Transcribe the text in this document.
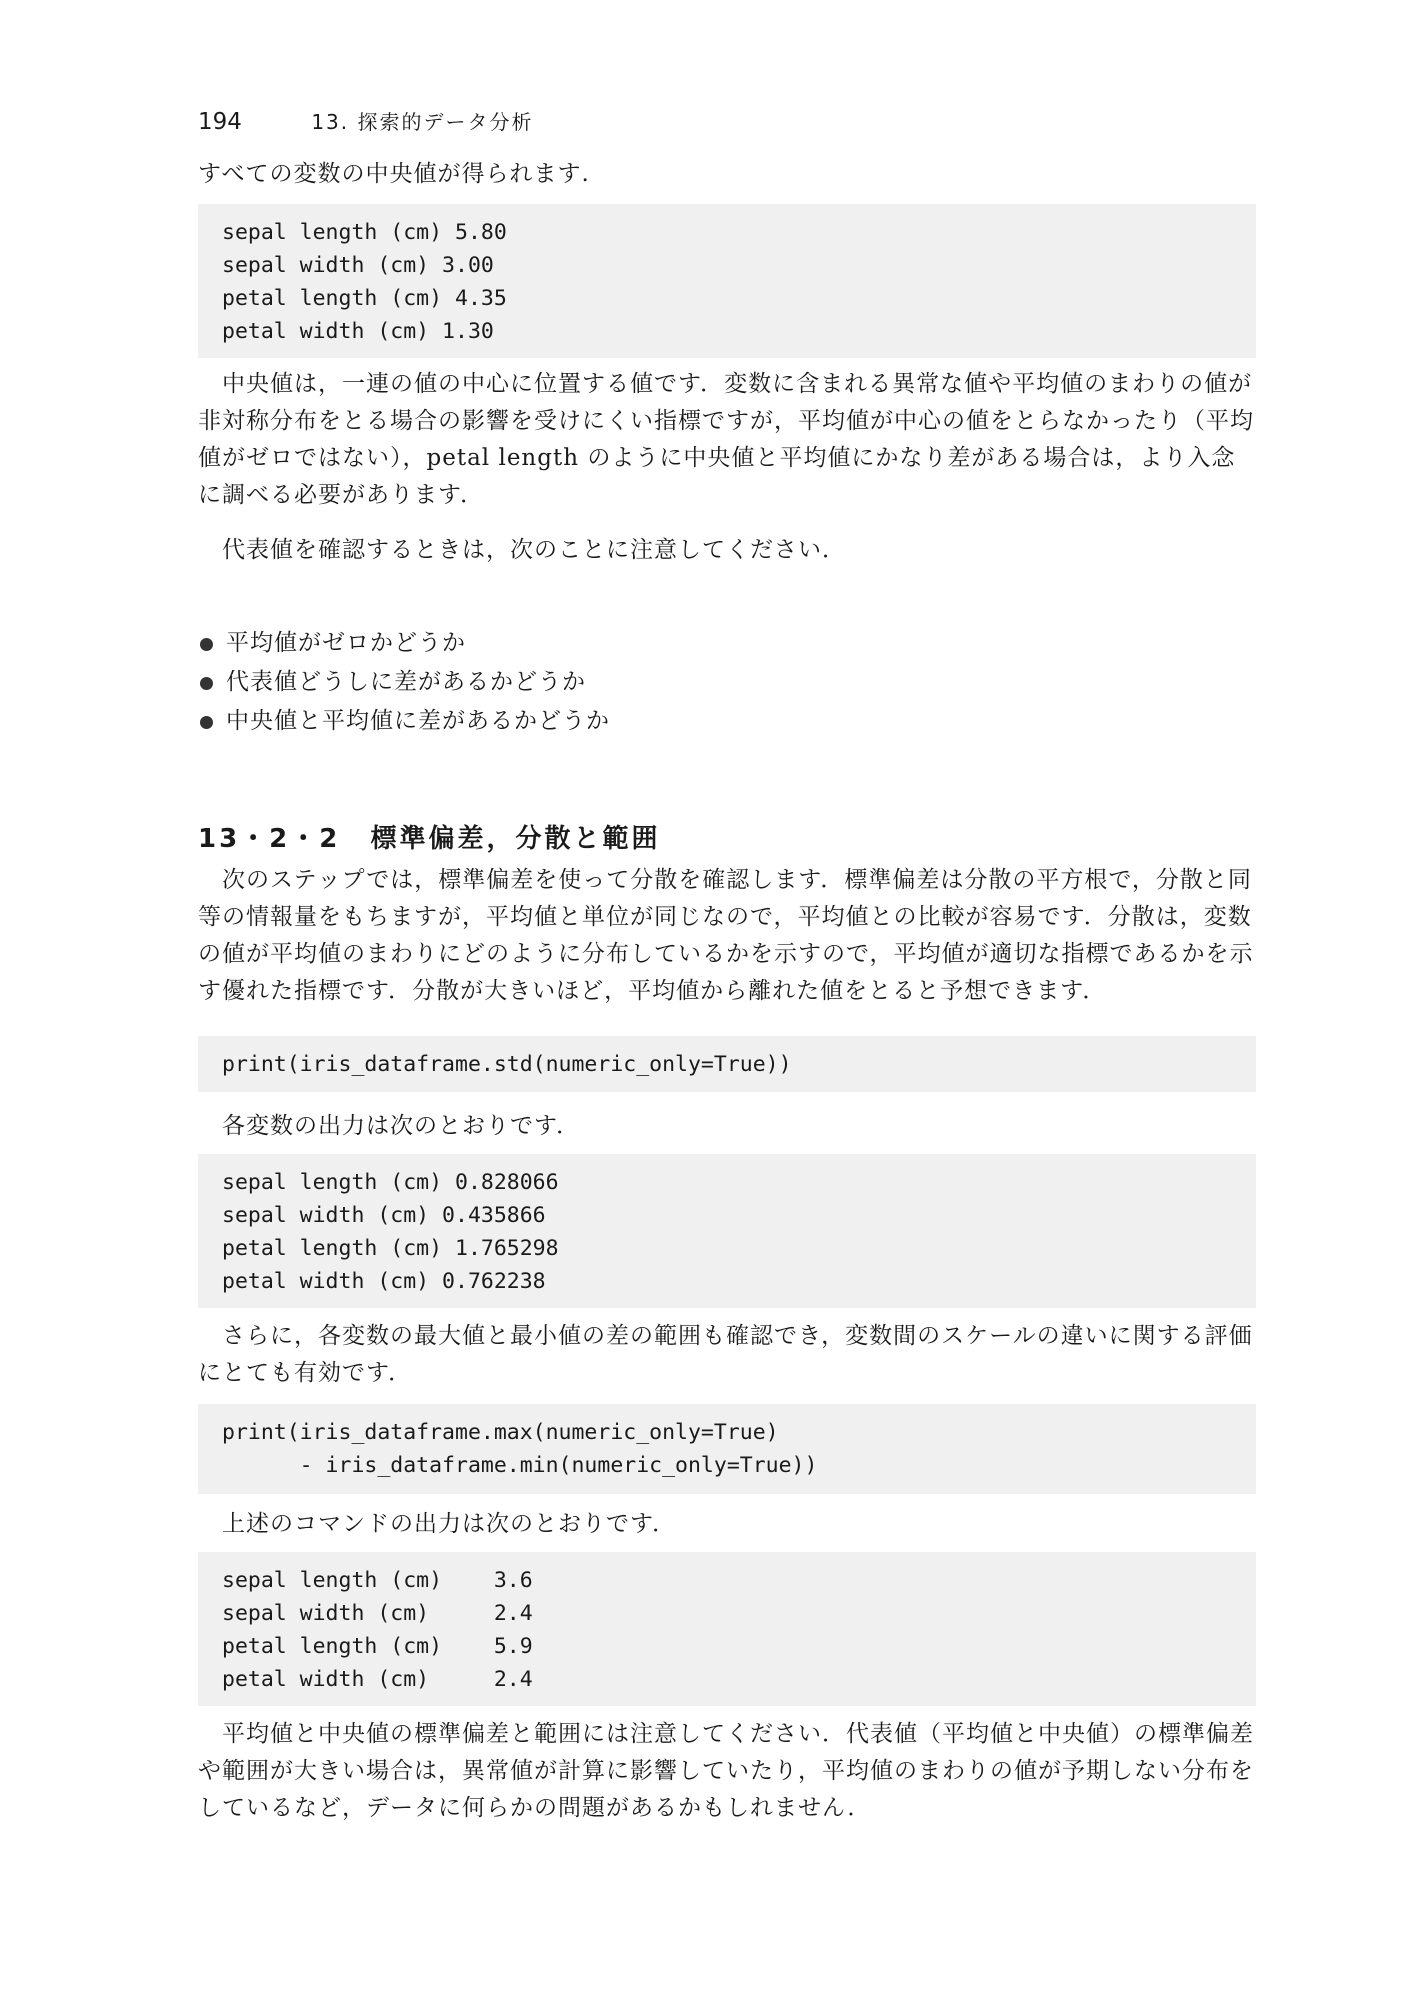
194	13. 探索的データ分析

すべての変数の中央値が得られます.

sepal length (cm) 5.80
sepal width (cm) 3.00
petal length (cm) 4.35
petal width (cm) 1.30

　中央値は，一連の値の中心に位置する値です．変数に含まれる異常な値や平均値のまわりの値が非対称分布をとる場合の影響を受けにくい指標ですが，平均値が中心の値をとらなかったり（平均値がゼロではない），petal length のように中央値と平均値にかなり差がある場合は，より入念に調べる必要があります．

　代表値を確認するときは，次のことに注意してください．

平均値がゼロかどうか
代表値どうしに差があるかどうか
中央値と平均値に差があるかどうか
13・2・2 標準偏差，分散と範囲

　次のステップでは，標準偏差を使って分散を確認します．標準偏差は分散の平方根で，分散と同等の情報量をもちますが，平均値と単位が同じなので，平均値との比較が容易です．分散は，変数の値が平均値のまわりにどのように分布しているかを示すので，平均値が適切な指標であるかを示す優れた指標です．分散が大きいほど，平均値から離れた値をとると予想できます．

print(iris_dataframe.std(numeric_only=True))

　各変数の出力は次のとおりです．

sepal length (cm) 0.828066
sepal width (cm) 0.435866
petal length (cm) 1.765298
petal width (cm) 0.762238

　さらに，各変数の最大値と最小値の差の範囲も確認でき，変数間のスケールの違いに関する評価にとても有効です．

print(iris_dataframe.max(numeric_only=True)
- iris_dataframe.min(numeric_only=True))

　上述のコマンドの出力は次のとおりです．

sepal length (cm)    3.6
sepal width (cm)     2.4
petal length (cm)    5.9
petal width (cm)     2.4

　平均値と中央値の標準偏差と範囲には注意してください．代表値（平均値と中央値）の標準偏差や範囲が大きい場合は，異常値が計算に影響していたり，平均値のまわりの値が予期しない分布をしているなど，データに何らかの問題があるかもしれません．
